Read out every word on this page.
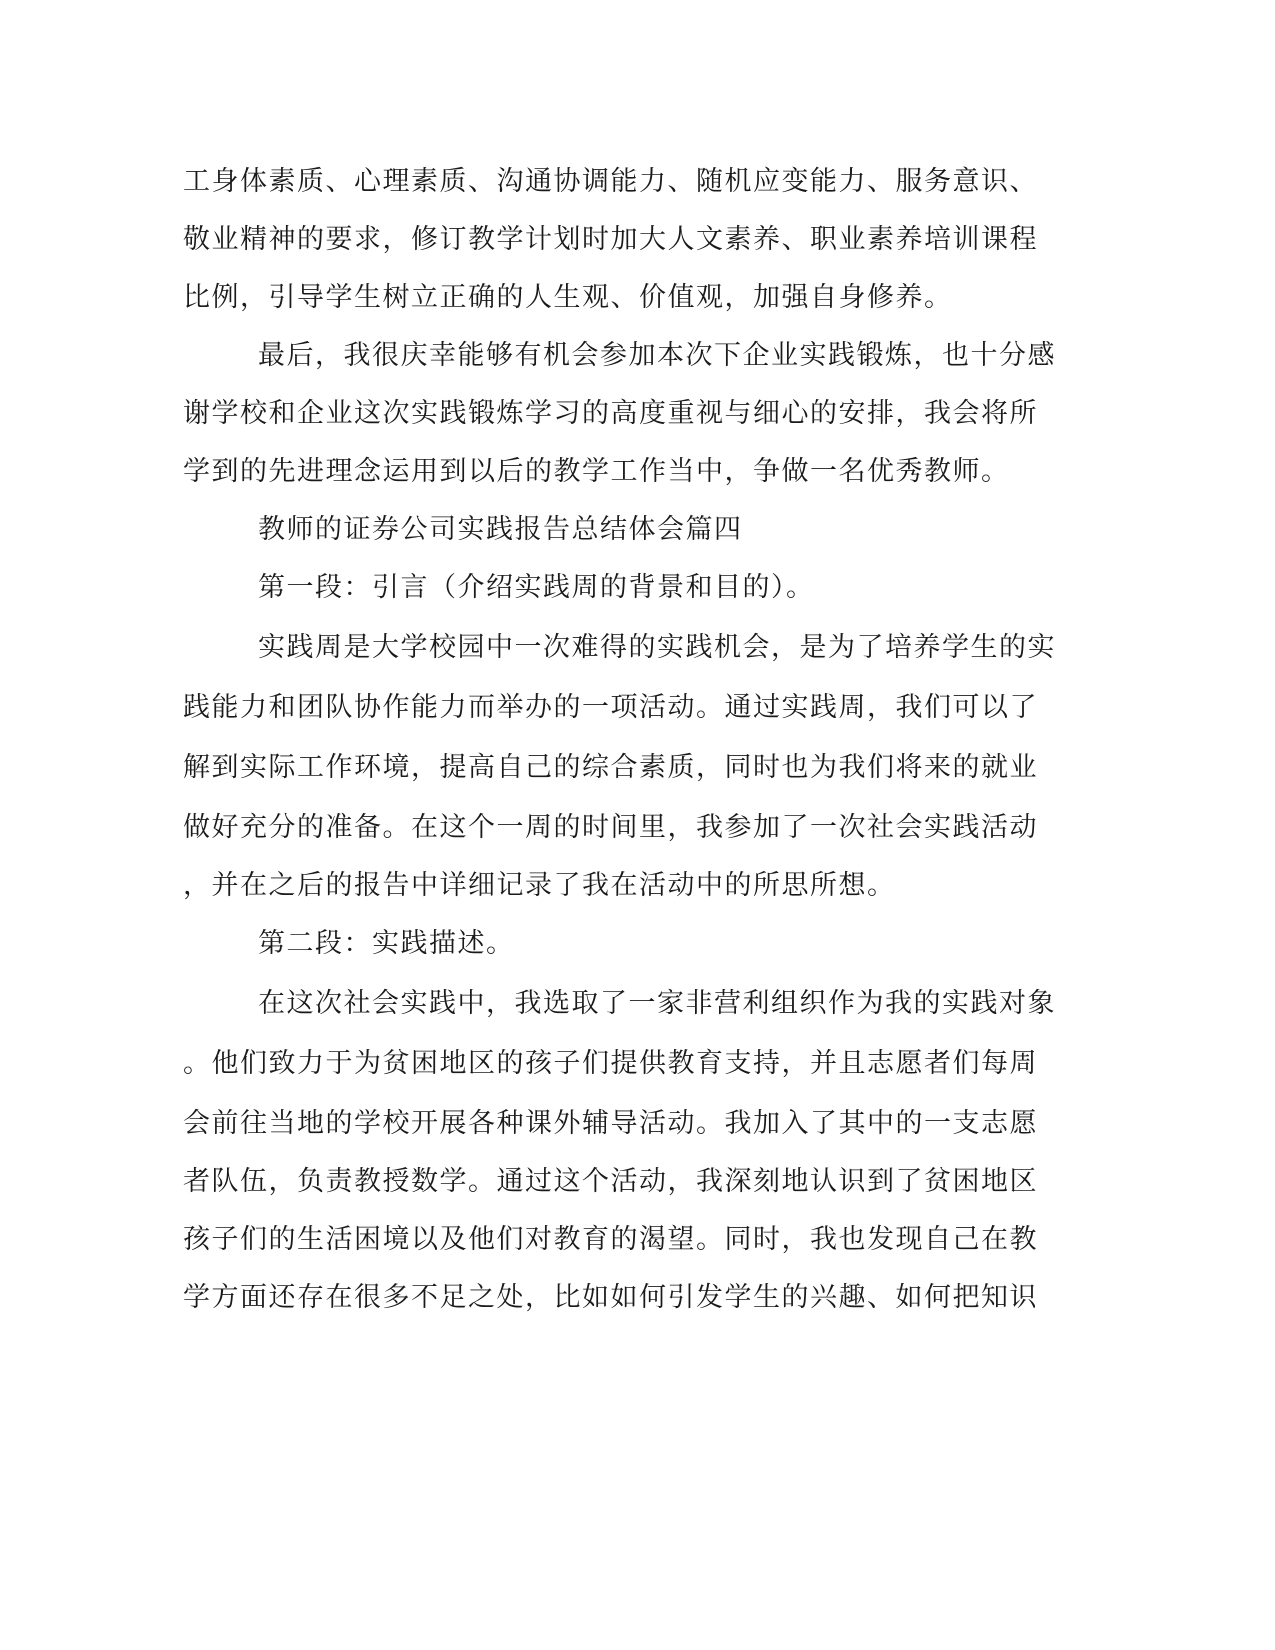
工身体素质、心理素质、沟通协调能力、随机应变能力、服务意识、
敬业精神的要求，修订教学计划时加大人文素养、职业素养培训课程
比例，引导学生树立正确的人生观、价值观，加强自身修养。
最后，我很庆幸能够有机会参加本次下企业实践锻炼，也十分感
谢学校和企业这次实践锻炼学习的高度重视与细心的安排，我会将所
学到的先进理念运用到以后的教学工作当中，争做一名优秀教师。
教师的证券公司实践报告总结体会篇四
第一段：引言（介绍实践周的背景和目的）。
实践周是大学校园中一次难得的实践机会，是为了培养学生的实
践能力和团队协作能力而举办的一项活动。通过实践周，我们可以了
解到实际工作环境，提高自己的综合素质，同时也为我们将来的就业
做好充分的准备。在这个一周的时间里，我参加了一次社会实践活动
，并在之后的报告中详细记录了我在活动中的所思所想。
第二段：实践描述。
在这次社会实践中，我选取了一家非营利组织作为我的实践对象
。他们致力于为贫困地区的孩子们提供教育支持，并且志愿者们每周
会前往当地的学校开展各种课外辅导活动。我加入了其中的一支志愿
者队伍，负责教授数学。通过这个活动，我深刻地认识到了贫困地区
孩子们的生活困境以及他们对教育的渴望。同时，我也发现自己在教
学方面还存在很多不足之处，比如如何引发学生的兴趣、如何把知识
